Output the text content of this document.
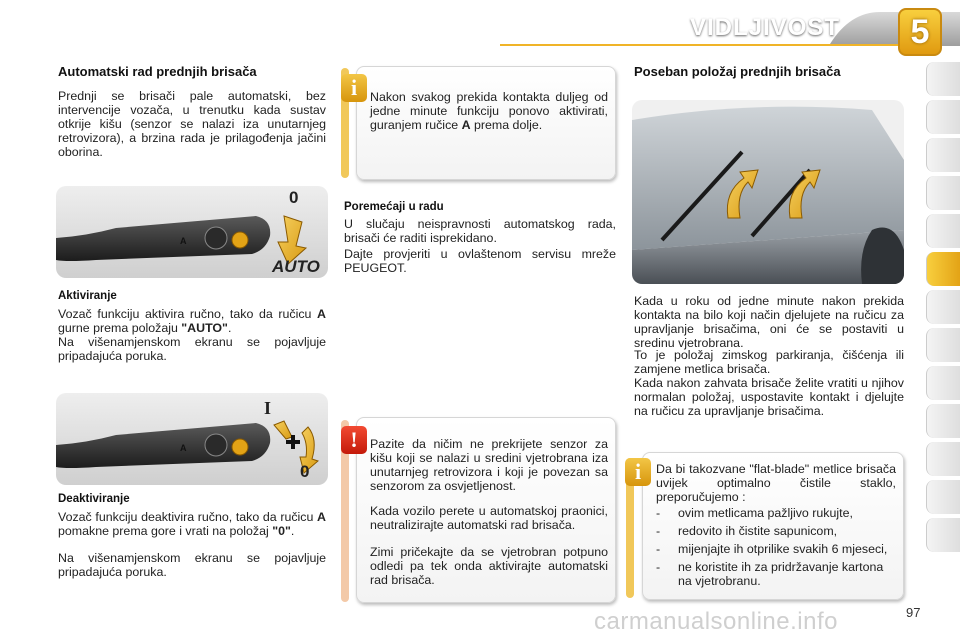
VIDLJIVOST	5
Automatski rad prednjih brisača
Prednji se brisači pale automatski, bez intervencije vozača, u trenutku kada sustav otkrije kišu (senzor se nalazi iza unutarnjeg retrovizora), a brzina rada je prilagođenja jačini oborina.
A
0
AUTO
Aktiviranje
Vozač funkciju aktivira ručno, tako da ručicu A gurne prema položaju "AUTO".
Na višenamjenskom ekranu se pojavljuje pripadajuća poruka.
A
I
0
Deaktiviranje
Vozač funkciju deaktivira ručno, tako da ručicu A pomakne prema gore i vrati na položaj "0".
Na višenamjenskom ekranu se pojavljuje pripadajuća poruka.
i	Nakon svakog prekida kontakta duljeg od jedne minute funkciju ponovo aktivirati, guranjem ručice A prema dolje.
Poremećaji u radu
U slučaju neispravnosti automatskog rada, brisači će raditi isprekidano.
Dajte provjeriti u ovlaštenom servisu mreže PEUGEOT.
! Pazite da ničim ne prekrijete senzor za kišu koji se nalazi u sredini vjetrobrana iza unutarnjeg retrovizora i koji je povezan sa senzorom za osvjetljenost.
Kada vozilo perete u automatskoj praonici, neutralizirajte automatski rad brisača.
Zimi pričekajte da se vjetrobran potpuno odledi pa tek onda aktivirajte automatski rad brisača.
Poseban položaj prednjih brisača
Kada u roku od jedne minute nakon prekida kontakta na bilo koji način djelujete na ručicu za upravljanje brisačima, oni će se postaviti u sredinu vjetrobrana.
To je položaj zimskog parkiranja, čišćenja ili zamjene metlica brisača.
Kada nakon zahvata brisače želite vratiti u njihov normalan položaj, uspostavite kontakt i djelujte na ručicu za upravljanje brisačima.
i	Da bi takozvane "flat-blade" metlice brisača uvijek optimalno čistile staklo, preporučujemo :
-	ovim metlicama pažljivo rukujte,
-	redovito ih čistite sapunicom,
-	mijenjajte ih otprilike svakih 6 mjeseci,
-	ne koristite ih za pridržavanje kartona na vjetrobranu.
carmanualsonline.info	97
